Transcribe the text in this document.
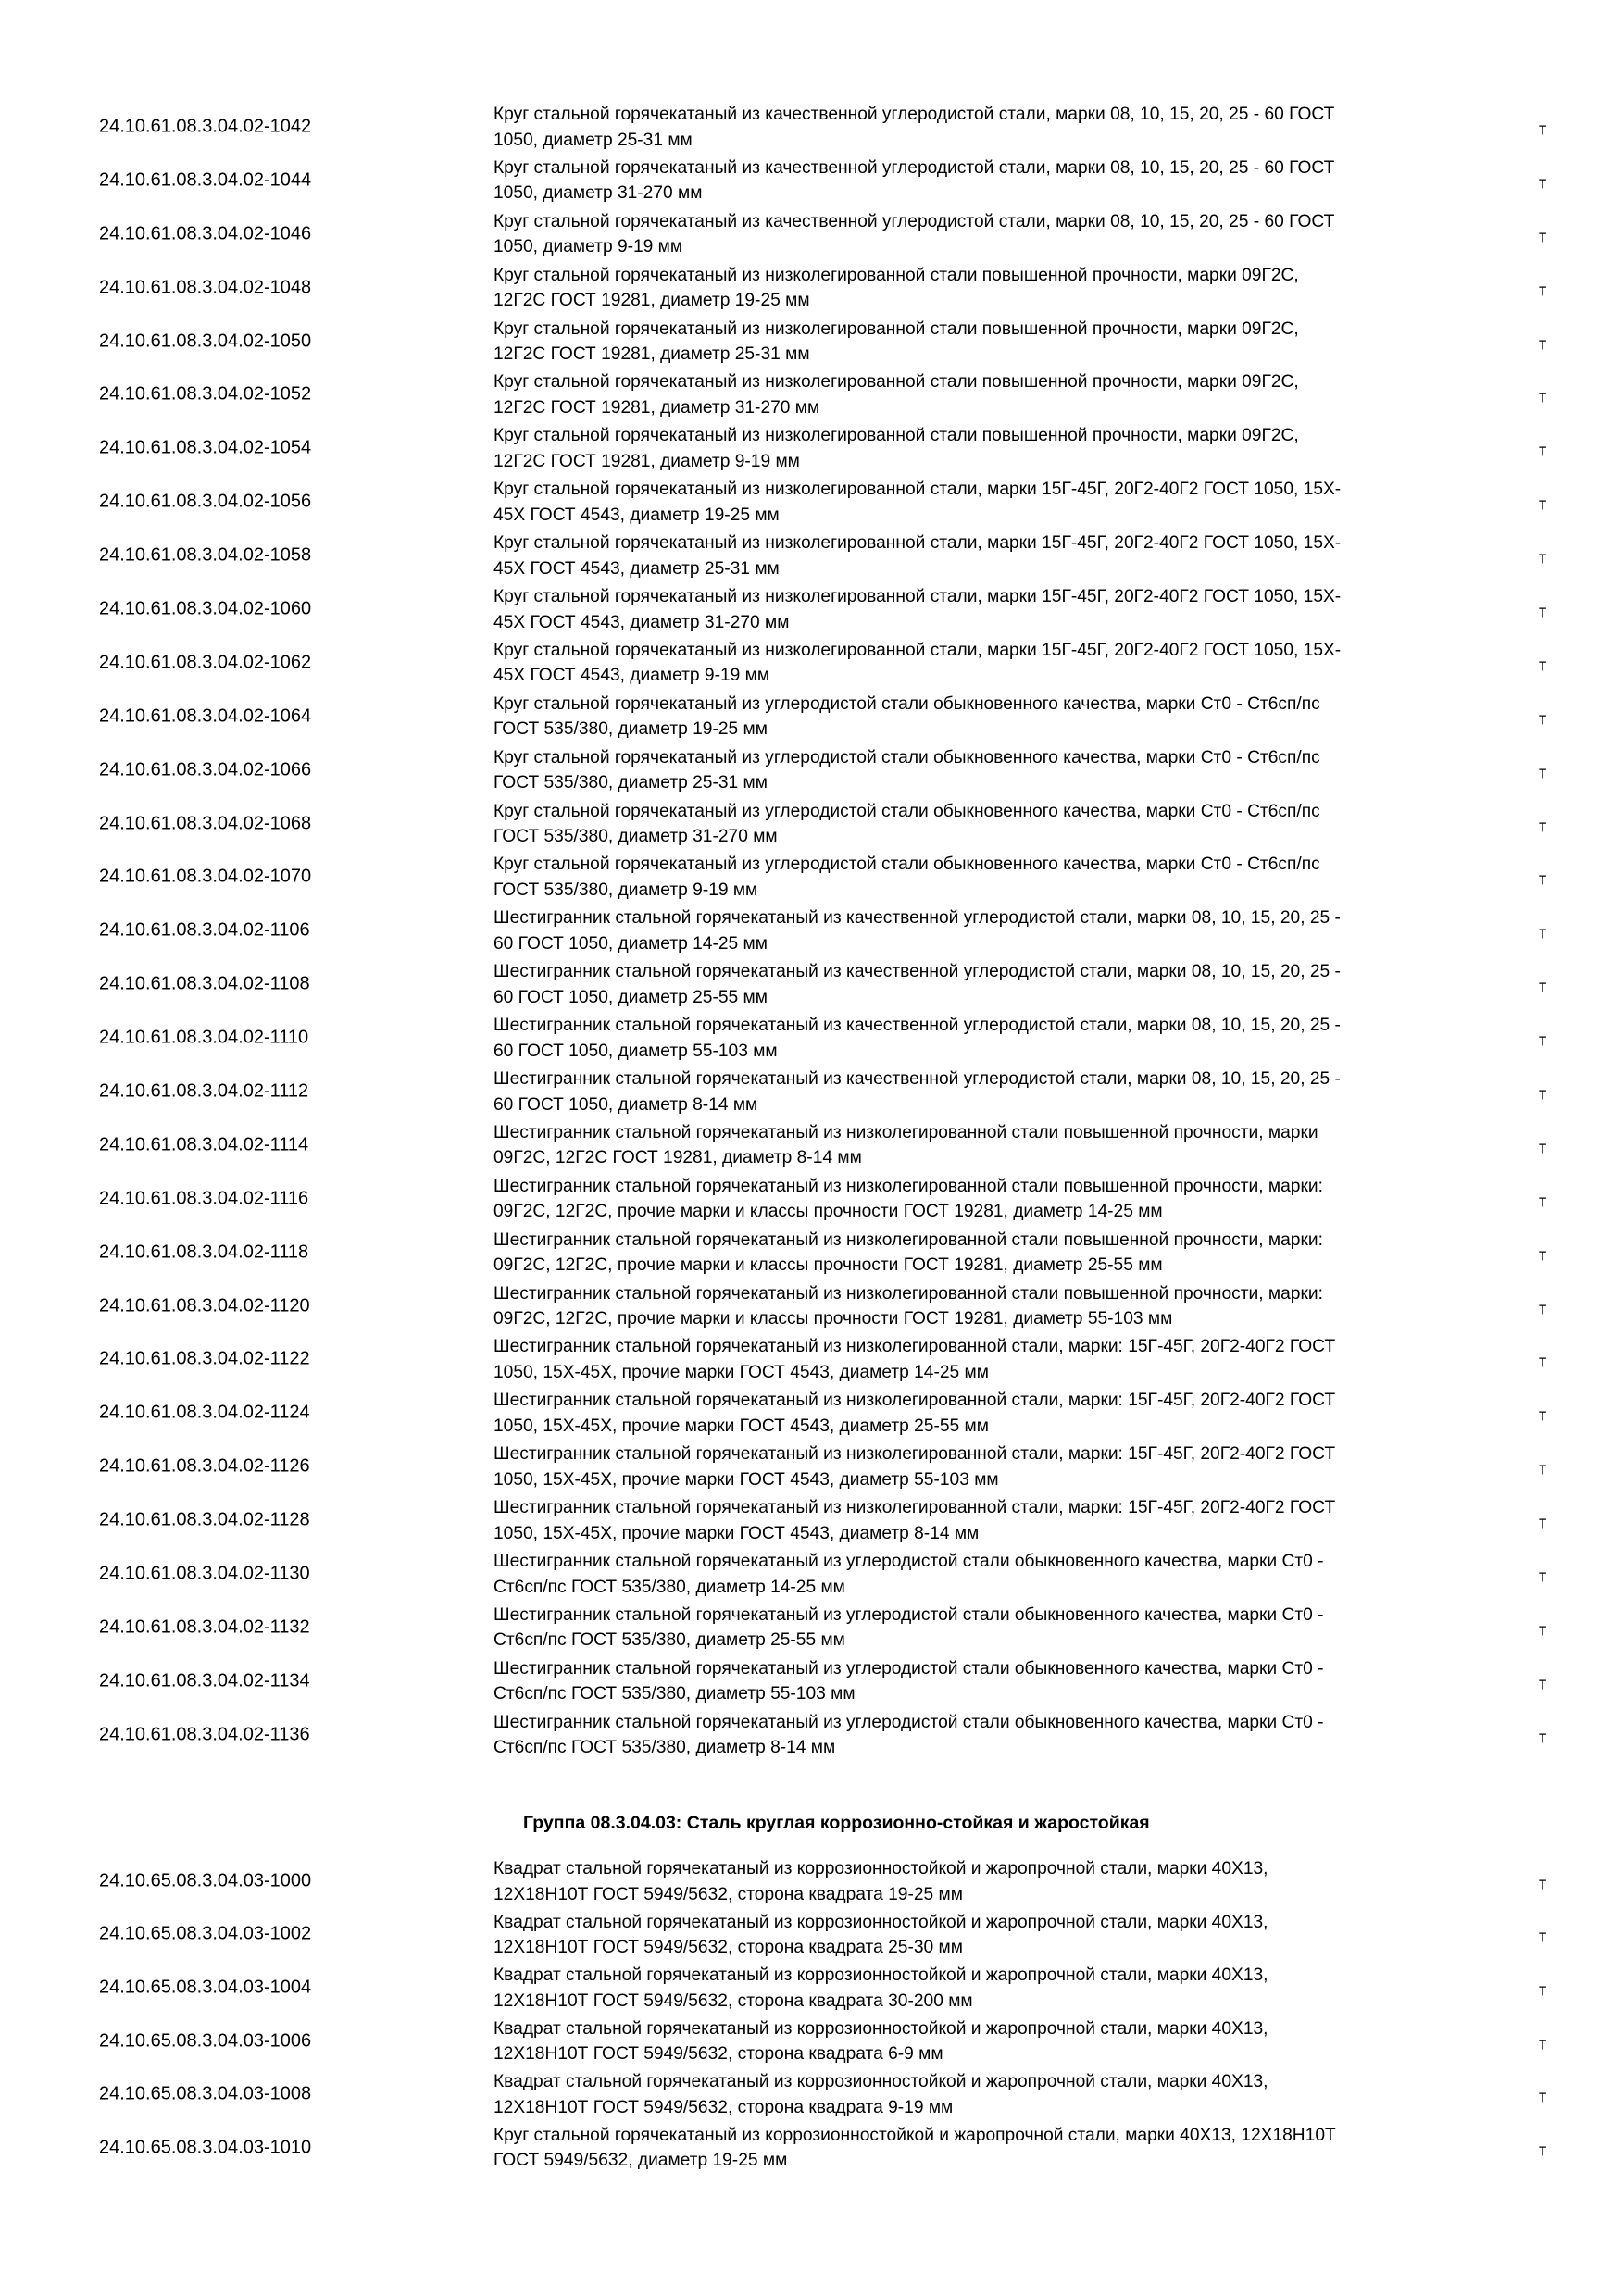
24.10.61.08.3.04.02-1042
Круг стальной горячекатаный из качественной углеродистой стали, марки 08, 10, 15, 20, 25 - 60 ГОСТ
1050, диаметр 25-31 мм
т
24.10.61.08.3.04.02-1044
Круг стальной горячекатаный из качественной углеродистой стали, марки 08, 10, 15, 20, 25 - 60 ГОСТ
1050, диаметр 31-270 мм
т
24.10.61.08.3.04.02-1046
Круг стальной горячекатаный из качественной углеродистой стали, марки 08, 10, 15, 20, 25 - 60 ГОСТ
1050, диаметр 9-19 мм
т
24.10.61.08.3.04.02-1048
Круг стальной горячекатаный из низколегированной стали повышенной прочности, марки 09Г2С,
12Г2С ГОСТ 19281, диаметр 19-25 мм
т
24.10.61.08.3.04.02-1050
Круг стальной горячекатаный из низколегированной стали повышенной прочности, марки 09Г2С,
12Г2С ГОСТ 19281, диаметр 25-31 мм
т
24.10.61.08.3.04.02-1052
Круг стальной горячекатаный из низколегированной стали повышенной прочности, марки 09Г2С,
12Г2С ГОСТ 19281, диаметр 31-270 мм
т
24.10.61.08.3.04.02-1054
Круг стальной горячекатаный из низколегированной стали повышенной прочности, марки 09Г2С,
12Г2С ГОСТ 19281, диаметр 9-19 мм
т
24.10.61.08.3.04.02-1056
Круг стальной горячекатаный из низколегированной стали, марки 15Г-45Г, 20Г2-40Г2 ГОСТ 1050, 15Х-
45Х ГОСТ 4543, диаметр 19-25 мм
т
24.10.61.08.3.04.02-1058
Круг стальной горячекатаный из низколегированной стали, марки 15Г-45Г, 20Г2-40Г2 ГОСТ 1050, 15Х-
45Х ГОСТ 4543, диаметр 25-31 мм
т
24.10.61.08.3.04.02-1060
Круг стальной горячекатаный из низколегированной стали, марки 15Г-45Г, 20Г2-40Г2 ГОСТ 1050, 15Х-
45Х ГОСТ 4543, диаметр 31-270 мм
т
24.10.61.08.3.04.02-1062
Круг стальной горячекатаный из низколегированной стали, марки 15Г-45Г, 20Г2-40Г2 ГОСТ 1050, 15Х-
45Х ГОСТ 4543, диаметр 9-19 мм
т
24.10.61.08.3.04.02-1064
Круг стальной горячекатаный из углеродистой стали обыкновенного качества, марки Ст0 - Ст6сп/пс
ГОСТ 535/380, диаметр 19-25 мм
т
24.10.61.08.3.04.02-1066
Круг стальной горячекатаный из углеродистой стали обыкновенного качества, марки Ст0 - Ст6сп/пс
ГОСТ 535/380, диаметр 25-31 мм
т
24.10.61.08.3.04.02-1068
Круг стальной горячекатаный из углеродистой стали обыкновенного качества, марки Ст0 - Ст6сп/пс
ГОСТ 535/380, диаметр 31-270 мм
т
24.10.61.08.3.04.02-1070
Круг стальной горячекатаный из углеродистой стали обыкновенного качества, марки Ст0 - Ст6сп/пс
ГОСТ 535/380, диаметр 9-19 мм
т
24.10.61.08.3.04.02-1106
Шестигранник стальной горячекатаный из качественной углеродистой стали, марки 08, 10, 15, 20, 25 -
60 ГОСТ 1050, диаметр 14-25 мм
т
24.10.61.08.3.04.02-1108
Шестигранник стальной горячекатаный из качественной углеродистой стали, марки 08, 10, 15, 20, 25 -
60 ГОСТ 1050, диаметр 25-55 мм
т
24.10.61.08.3.04.02-1110
Шестигранник стальной горячекатаный из качественной углеродистой стали, марки 08, 10, 15, 20, 25 -
60 ГОСТ 1050, диаметр 55-103 мм
т
24.10.61.08.3.04.02-1112
Шестигранник стальной горячекатаный из качественной углеродистой стали, марки 08, 10, 15, 20, 25 -
60 ГОСТ 1050, диаметр 8-14 мм
т
24.10.61.08.3.04.02-1114
Шестигранник стальной горячекатаный из низколегированной стали повышенной прочности, марки
09Г2С, 12Г2С ГОСТ 19281, диаметр 8-14 мм
т
24.10.61.08.3.04.02-1116
Шестигранник стальной горячекатаный из низколегированной стали повышенной прочности, марки:
09Г2С, 12Г2С, прочие марки и классы прочности ГОСТ 19281, диаметр 14-25 мм
т
24.10.61.08.3.04.02-1118
Шестигранник стальной горячекатаный из низколегированной стали повышенной прочности, марки:
09Г2С, 12Г2С, прочие марки и классы прочности ГОСТ 19281, диаметр 25-55 мм
т
24.10.61.08.3.04.02-1120
Шестигранник стальной горячекатаный из низколегированной стали повышенной прочности, марки:
09Г2С, 12Г2С, прочие марки и классы прочности ГОСТ 19281, диаметр 55-103 мм
т
24.10.61.08.3.04.02-1122
Шестигранник стальной горячекатаный из низколегированной стали, марки: 15Г-45Г, 20Г2-40Г2 ГОСТ
1050, 15Х-45Х, прочие марки ГОСТ 4543, диаметр 14-25 мм
т
24.10.61.08.3.04.02-1124
Шестигранник стальной горячекатаный из низколегированной стали, марки: 15Г-45Г, 20Г2-40Г2 ГОСТ
1050, 15Х-45Х, прочие марки ГОСТ 4543, диаметр 25-55 мм
т
24.10.61.08.3.04.02-1126
Шестигранник стальной горячекатаный из низколегированной стали, марки: 15Г-45Г, 20Г2-40Г2 ГОСТ
1050, 15Х-45Х, прочие марки ГОСТ 4543, диаметр 55-103 мм
т
24.10.61.08.3.04.02-1128
Шестигранник стальной горячекатаный из низколегированной стали, марки: 15Г-45Г, 20Г2-40Г2 ГОСТ
1050, 15Х-45Х, прочие марки ГОСТ 4543, диаметр 8-14 мм
т
24.10.61.08.3.04.02-1130
Шестигранник стальной горячекатаный из углеродистой стали обыкновенного качества, марки Ст0 -
Ст6сп/пс ГОСТ 535/380, диаметр 14-25 мм
т
24.10.61.08.3.04.02-1132
Шестигранник стальной горячекатаный из углеродистой стали обыкновенного качества, марки Ст0 -
Ст6сп/пс ГОСТ 535/380, диаметр 25-55 мм
т
24.10.61.08.3.04.02-1134
Шестигранник стальной горячекатаный из углеродистой стали обыкновенного качества, марки Ст0 -
Ст6сп/пс ГОСТ 535/380, диаметр 55-103 мм
т
24.10.61.08.3.04.02-1136
Шестигранник стальной горячекатаный из углеродистой стали обыкновенного качества, марки Ст0 -
Ст6сп/пс ГОСТ 535/380, диаметр 8-14 мм
т
Группа 08.3.04.03: Сталь круглая коррозионно-стойкая и жаростойкая
24.10.65.08.3.04.03-1000
Квадрат стальной горячекатаный из коррозионностойкой и жаропрочной стали, марки 40Х13,
12Х18Н10Т ГОСТ 5949/5632, сторона квадрата 19-25 мм
т
24.10.65.08.3.04.03-1002
Квадрат стальной горячекатаный из коррозионностойкой и жаропрочной стали, марки 40Х13,
12Х18Н10Т ГОСТ 5949/5632, сторона квадрата 25-30 мм
т
24.10.65.08.3.04.03-1004
Квадрат стальной горячекатаный из коррозионностойкой и жаропрочной стали, марки 40Х13,
12Х18Н10Т ГОСТ 5949/5632, сторона квадрата 30-200 мм
т
24.10.65.08.3.04.03-1006
Квадрат стальной горячекатаный из коррозионностойкой и жаропрочной стали, марки 40Х13,
12Х18Н10Т ГОСТ 5949/5632, сторона квадрата 6-9 мм
т
24.10.65.08.3.04.03-1008
Квадрат стальной горячекатаный из коррозионностойкой и жаропрочной стали, марки 40Х13,
12Х18Н10Т ГОСТ 5949/5632, сторона квадрата 9-19 мм
т
24.10.65.08.3.04.03-1010
Круг стальной горячекатаный из коррозионностойкой и жаропрочной стали, марки 40Х13, 12Х18Н10Т
ГОСТ 5949/5632, диаметр 19-25 мм
т
